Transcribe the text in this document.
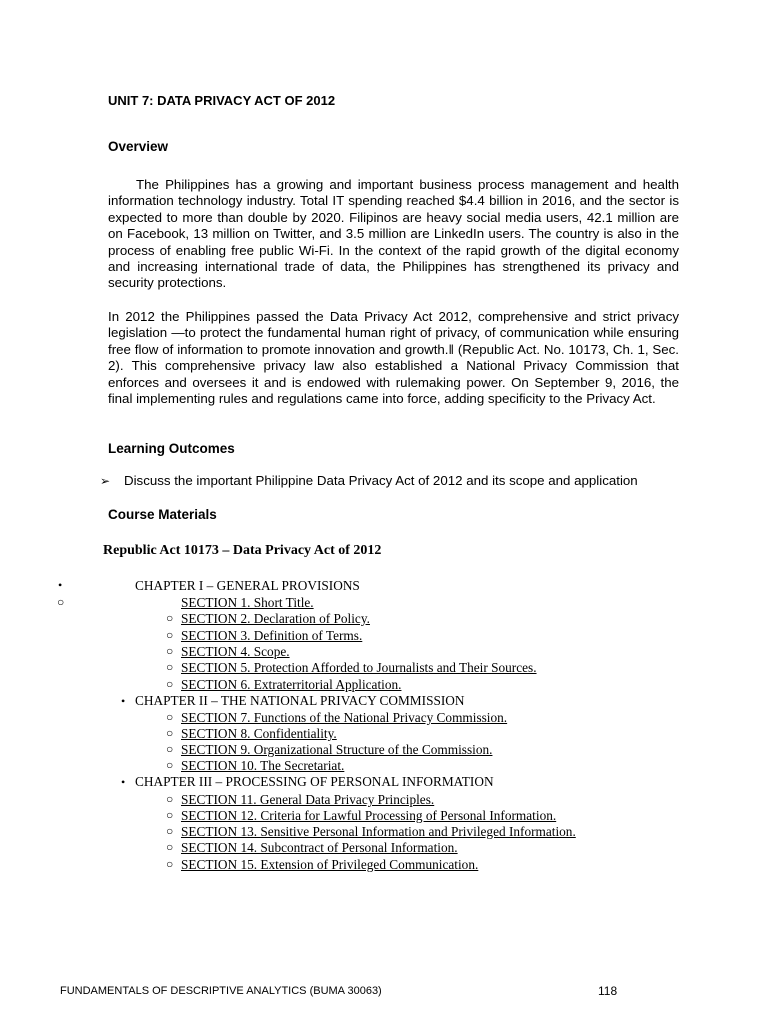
UNIT 7: DATA PRIVACY ACT OF 2012
Overview

The Philippines has a growing and important business process management and health information technology industry. Total IT spending reached $4.4 billion in 2016, and the sector is expected to more than double by 2020. Filipinos are heavy social media users, 42.1 million are on Facebook, 13 million on Twitter, and 3.5 million are LinkedIn users. The country is also in the process of enabling free public Wi-Fi. In the context of the rapid growth of the digital economy and increasing international trade of data, the Philippines has strengthened its privacy and security protections.

In 2012 the Philippines passed the Data Privacy Act 2012, comprehensive and strict privacy legislation ―to protect the fundamental human right of privacy, of communication while ensuring free flow of information to promote innovation and growth.‖ (Republic Act. No. 10173, Ch. 1, Sec. 2). This comprehensive privacy law also established a National Privacy Commission that enforces and oversees it and is endowed with rulemaking power. On September 9, 2016, the final implementing rules and regulations came into force, adding specificity to the Privacy Act.

Learning Outcomes
➢	Discuss the important Philippine Data Privacy Act of 2012 and its scope and application
Course Materials
Republic Act 10173 – Data Privacy Act of 2012
•
○
CHAPTER I – GENERAL PROVISIONS
SECTION 1. Short Title.
○ SECTION 2. Declaration of Policy.
○ SECTION 3. Definition of Terms.
○ SECTION 4. Scope.
○ SECTION 5. Protection Afforded to Journalists and Their Sources.
○ SECTION 6. Extraterritorial Application.
• CHAPTER II – THE NATIONAL PRIVACY COMMISSION
○ SECTION 7. Functions of the National Privacy Commission.
○ SECTION 8. Confidentiality.
○ SECTION 9. Organizational Structure of the Commission.
○ SECTION 10. The Secretariat.
• CHAPTER III – PROCESSING OF PERSONAL INFORMATION
○ SECTION 11. General Data Privacy Principles.
○ SECTION 12. Criteria for Lawful Processing of Personal Information.
○ SECTION 13. Sensitive Personal Information and Privileged Information.
○ SECTION 14. Subcontract of Personal Information.
○ SECTION 15. Extension of Privileged Communication.
FUNDAMENTALS OF DESCRIPTIVE ANALYTICS (BUMA 30063)	118
